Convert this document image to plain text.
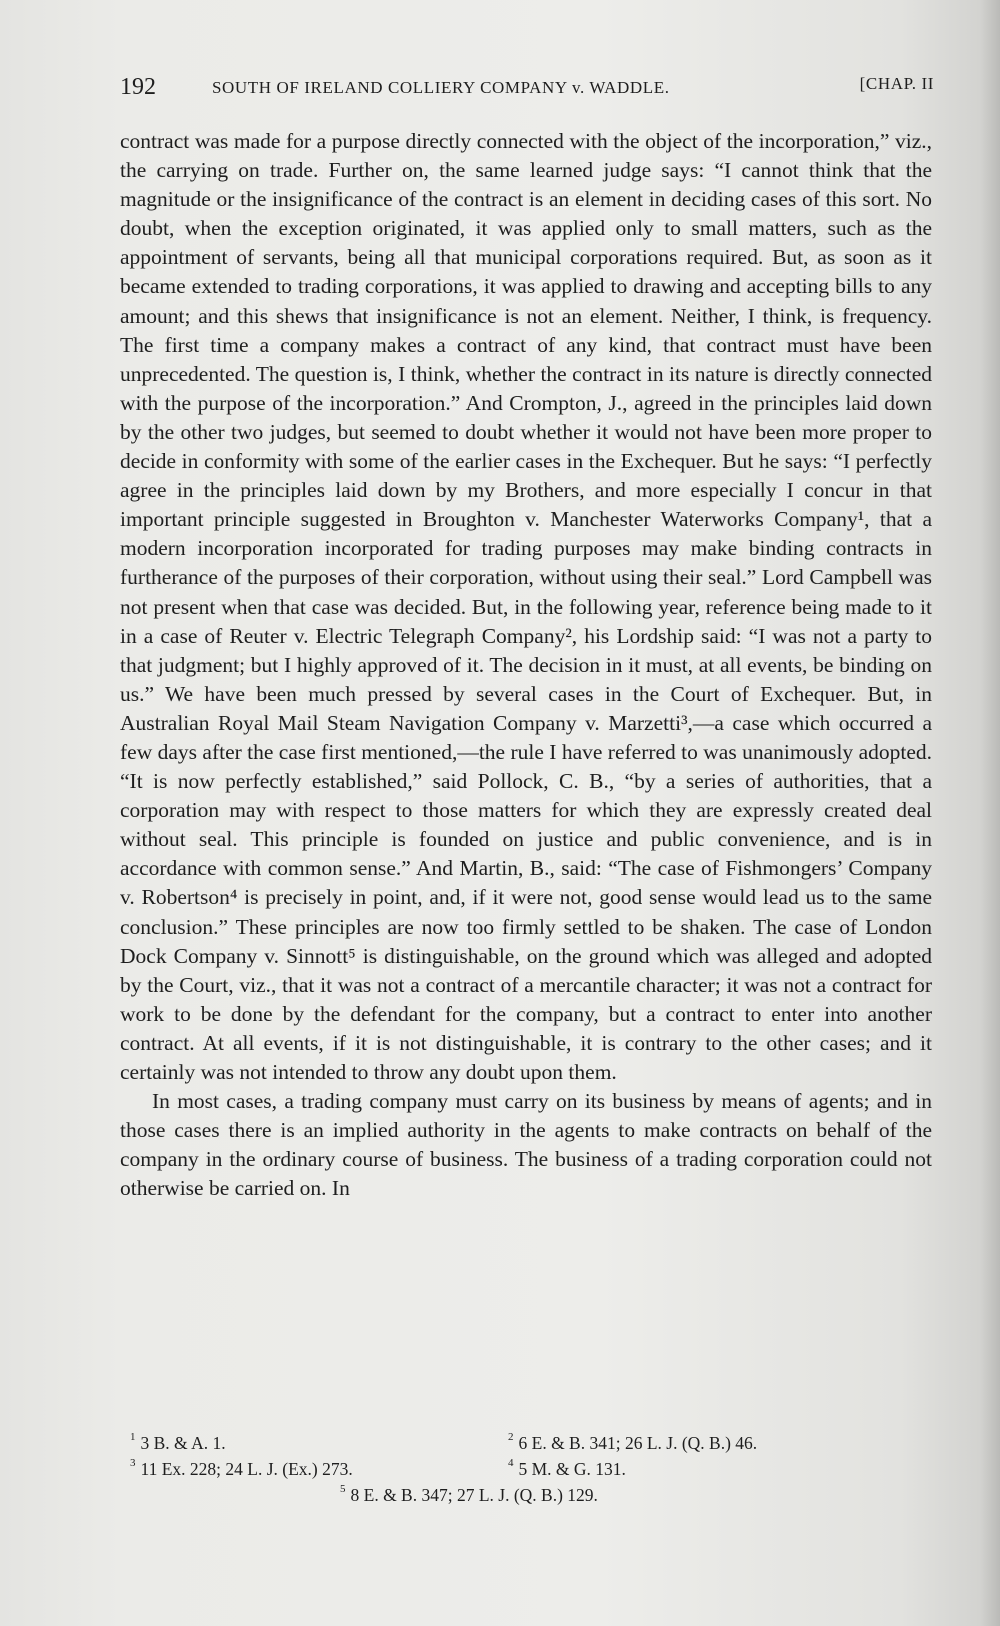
192	SOUTH OF IRELAND COLLIERY COMPANY v. WADDLE.	[CHAP. II

contract was made for a purpose directly connected with the object of the incorporation,” viz., the carrying on trade. Further on, the same learned judge says: “I cannot think that the magnitude or the insignificance of the contract is an element in deciding cases of this sort. No doubt, when the exception originated, it was applied only to small matters, such as the appointment of servants, being all that municipal corporations required. But, as soon as it became extended to trading corporations, it was applied to drawing and accepting bills to any amount; and this shews that insignificance is not an element. Neither, I think, is frequency. The first time a company makes a contract of any kind, that contract must have been unprecedented. The question is, I think, whether the contract in its nature is directly connected with the purpose of the incorporation.” And Crompton, J., agreed in the principles laid down by the other two judges, but seemed to doubt whether it would not have been more proper to decide in conformity with some of the earlier cases in the Exchequer. But he says: “I perfectly agree in the principles laid down by my Brothers, and more especially I concur in that important principle suggested in Broughton v. Manchester Waterworks Company¹, that a modern incorporation incorporated for trading purposes may make binding contracts in furtherance of the purposes of their corporation, without using their seal.” Lord Campbell was not present when that case was decided. But, in the following year, reference being made to it in a case of Reuter v. Electric Telegraph Company², his Lordship said: “I was not a party to that judgment; but I highly approved of it. The decision in it must, at all events, be binding on us.” We have been much pressed by several cases in the Court of Exchequer. But, in Australian Royal Mail Steam Navigation Company v. Marzetti³,—a case which occurred a few days after the case first mentioned,—the rule I have referred to was unanimously adopted. “It is now perfectly established,” said Pollock, C. B., “by a series of authorities, that a corporation may with respect to those matters for which they are expressly created deal without seal. This principle is founded on justice and public convenience, and is in accordance with common sense.” And Martin, B., said: “The case of Fishmongers’ Company v. Robertson⁴ is precisely in point, and, if it were not, good sense would lead us to the same conclusion.” These principles are now too firmly settled to be shaken. The case of London Dock Company v. Sinnott⁵ is distinguishable, on the ground which was alleged and adopted by the Court, viz., that it was not a contract of a mercantile character; it was not a contract for work to be done by the defendant for the company, but a contract to enter into another contract. At all events, if it is not distinguishable, it is contrary to the other cases; and it certainly was not intended to throw any doubt upon them.

In most cases, a trading company must carry on its business by means of agents; and in those cases there is an implied authority in the agents to make contracts on behalf of the company in the ordinary course of business. The business of a trading corporation could not otherwise be carried on. In

$^1$ 3 B. & A. 1.	$^2$ 6 E. & B. 341; 26 L. J. (Q. B.) 46.
$^3$ 11 Ex. 228; 24 L. J. (Ex.) 273.	$^4$ 5 M. & G. 131.
$^5$ 8 E. & B. 347; 27 L. J. (Q. B.) 129.
